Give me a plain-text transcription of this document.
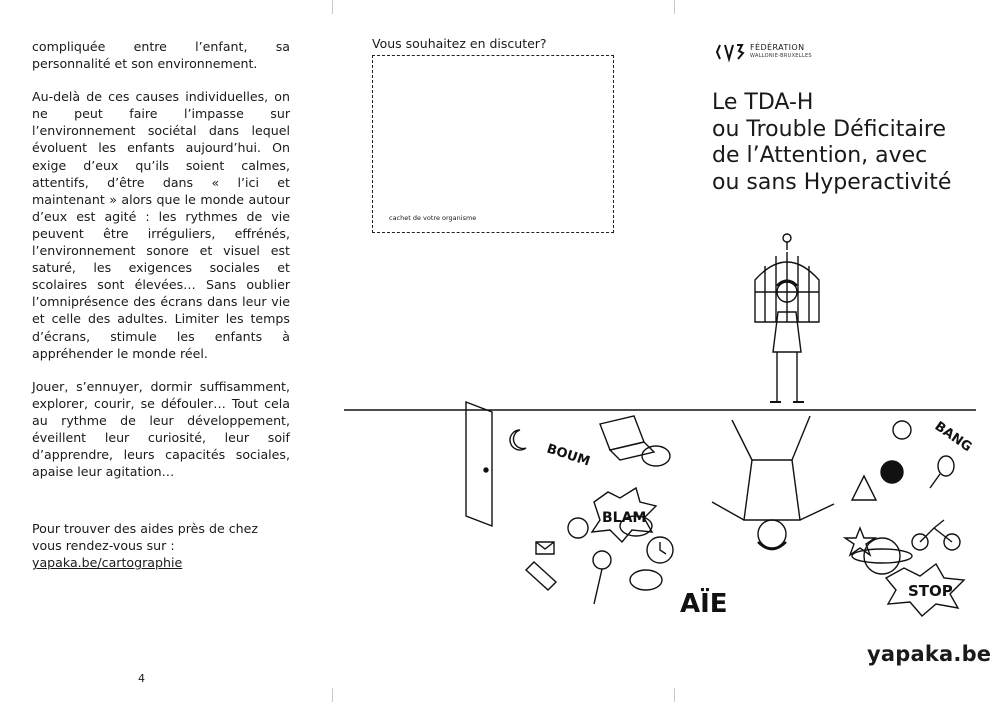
compliquée entre l’enfant, sa personnalité et son environnement.

Au-delà de ces causes individuelles, on ne peut faire l’impasse sur l’environnement sociétal dans lequel évoluent les enfants aujourd’hui. On exige d’eux qu’ils soient calmes, attentifs, d’être dans « l’ici et maintenant » alors que le monde autour d’eux est agité : les rythmes de vie peuvent être irréguliers, effrénés, l’environnement sonore et visuel est saturé, les exigences sociales et scolaires sont élevées… Sans oublier l’omniprésence des écrans dans leur vie et celle des adultes. Limiter les temps d’écrans, stimule les enfants à appréhender le monde réel.

Jouer, s’ennuyer, dormir suffisamment, explorer, courir, se défouler… Tout cela au rythme de leur développement, éveillent leur curiosité, leur soif d’apprendre, leurs capacités sociales, apaise leur agitation…

Pour trouver des aides près de chez vous rendez-vous sur : yapaka.be/cartographie

4
Vous souhaitez en discuter?
cachet de votre organisme
FÉDÉRATION
WALLONIE-BRUXELLES
Le TDA-H
ou Trouble Déficitaire
de l’Attention, avec
ou sans Hyperactivité
BOUM
BLAM
AÏE
BANG
STOP
yapaka.be
